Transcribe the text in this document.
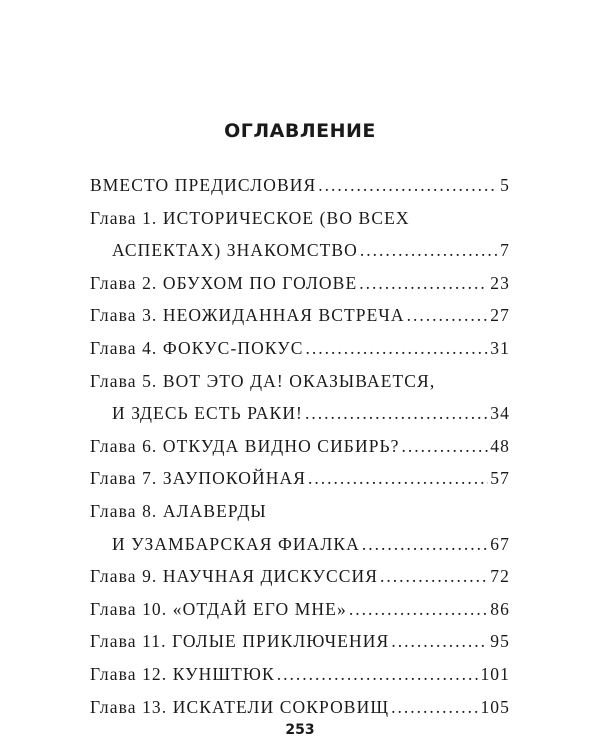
ОГЛАВЛЕНИЕ
ВМЕСТО ПРЕДИСЛОВИЯ .....	5
Глава 1. ИСТОРИЧЕСКОЕ (ВО ВСЕХ
АСПЕКТАХ) ЗНАКОМСТВО .....	7
Глава 2. ОБУХОМ ПО ГОЛОВЕ .....	23
Глава 3. НЕОЖИДАННАЯ ВСТРЕЧА .....	27
Глава 4. ФОКУС-ПОКУС .....	31
Глава 5. ВОТ ЭТО ДА! ОКАЗЫВАЕТСЯ,
И ЗДЕСЬ ЕСТЬ РАКИ! .....	34
Глава 6. ОТКУДА ВИДНО СИБИРЬ? .....	48
Глава 7. ЗАУПОКОЙНАЯ .....	57
Глава 8. АЛАВЕРДЫ
И УЗАМБАРСКАЯ ФИАЛКА .....	67
Глава 9. НАУЧНАЯ ДИСКУССИЯ .....	72
Глава 10. «ОТДАЙ ЕГО МНЕ» .....	86
Глава 11. ГОЛЫЕ ПРИКЛЮЧЕНИЯ .....	95
Глава 12. КУНШТЮК .....	101
Глава 13. ИСКАТЕЛИ СОКРОВИЩ .....	105
253
